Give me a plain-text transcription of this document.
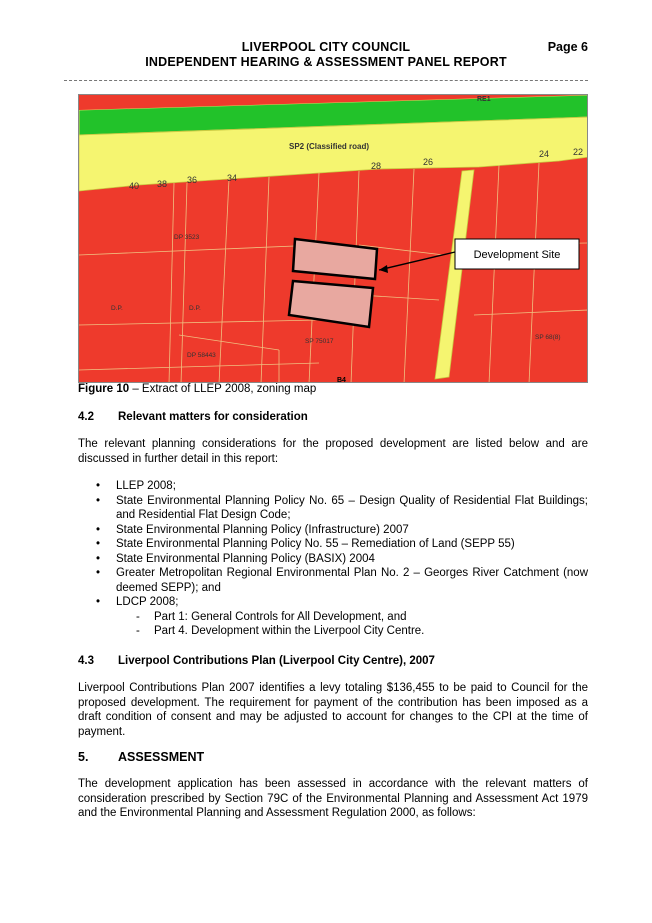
LIVERPOOL CITY COUNCIL	Page 6
INDEPENDENT HEARING & ASSESSMENT PANEL REPORT
Development Site
SP2 (Classified road)
RE1
B4
40 38 36	34
28	26
24	22
DP 3523
D.P.	D.P.
SP 75017
SP 68(8)
DP 58443
Figure 10 – Extract of LLEP 2008, zoning map
4.2 Relevant matters for consideration
The relevant planning considerations for the proposed development are listed below and are discussed in further detail in this report:
• LLEP 2008;
• State Environmental Planning Policy No. 65 – Design Quality of Residential Flat Buildings; and Residential Flat Design Code;
• State Environmental Planning Policy (Infrastructure) 2007
• State Environmental Planning Policy No. 55 – Remediation of Land (SEPP 55)
• State Environmental Planning Policy (BASIX) 2004
• Greater Metropolitan Regional Environmental Plan No. 2 – Georges River Catchment (now deemed SEPP); and
• LDCP 2008;
- Part 1: General Controls for All Development, and
- Part 4. Development within the Liverpool City Centre.
4.3 Liverpool Contributions Plan (Liverpool City Centre), 2007
Liverpool Contributions Plan 2007 identifies a levy totaling $136,455 to be paid to Council for the proposed development. The requirement for payment of the contribution has been imposed as a draft condition of consent and may be adjusted to account for changes to the CPI at the time of payment.
5. ASSESSMENT
The development application has been assessed in accordance with the relevant matters of consideration prescribed by Section 79C of the Environmental Planning and Assessment Act 1979 and the Environmental Planning and Assessment Regulation 2000, as follows:
